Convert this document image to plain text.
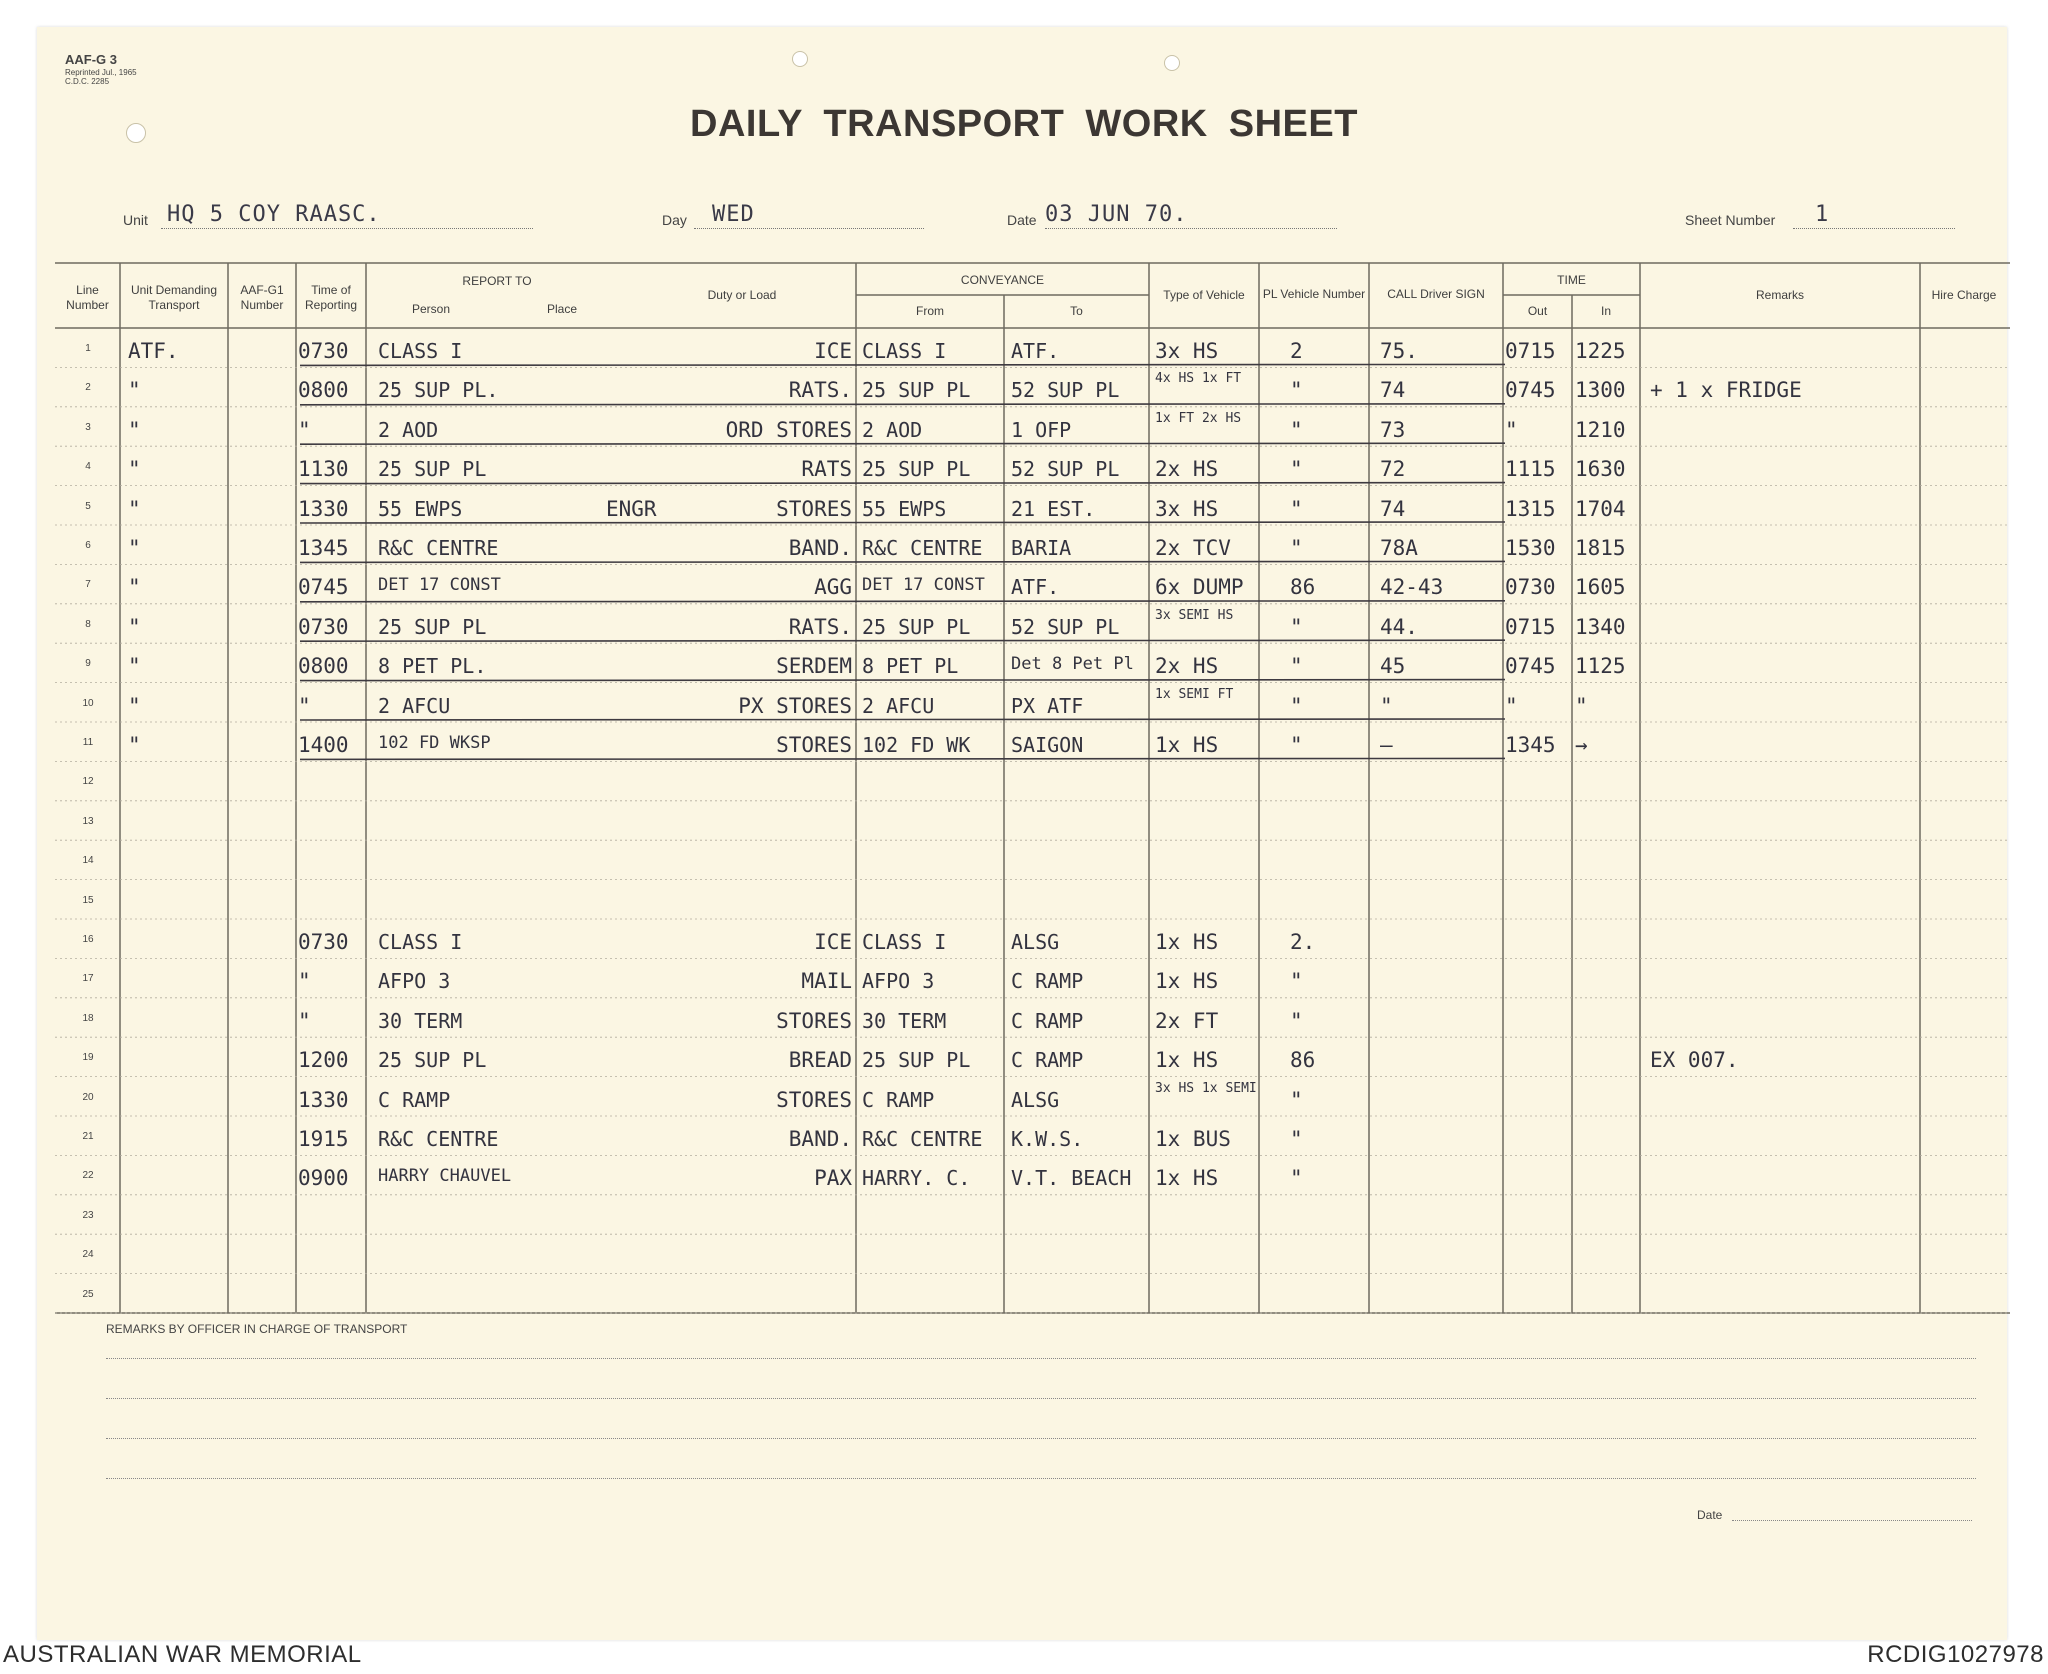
AAF-G 3
Reprinted Jul., 1965
C.D.C. 2285
DAILY TRANSPORT WORK SHEET
Unit HQ 5 COY RAASC.	Day WED	Date 03 JUN 70.	Sheet Number 1
Line Number
Unit Demanding Transport
AAF-G1 Number
Time of Reporting
REPORT TO
Person	Place
Duty or Load
CONVEYANCE
From	To
Type of Vehicle	PL Vehicle Number	CALL Driver SIGN
TIME
Out	In
Remarks	Hire Charge
1	ATF.	0730	CLASS I	ICE CLASS I	ATF.	3x HS	2	75.	0715 1225
2	"	0800	25 SUP PL.	RATS. 25 SUP PL	52 SUP PL	4x HS 1x FT	"	74	0745 1300	+ 1 x FRIDGE
3	"	"	2 AOD	ORD STORES 2 AOD	1 OFP	1x FT 2x HS	"	73	"	1210
4	"	1130	25 SUP PL	RATS 25 SUP PL	52 SUP PL	2x HS	"	72	1115 1630
5	"	1330	55 EWPS	ENGR	STORES 55 EWPS	21 EST.	3x HS	"	74	1315 1704
6	"	1345	R&C CENTRE	BAND. R&C CENTRE	BARIA	2x TCV	"	78A	1530 1815
7	"	0745	DET 17 CONST	AGG DET 17 CONST	ATF.	6x DUMP	86	42-43	0730 1605
8	"	0730	25 SUP PL	RATS. 25 SUP PL	52 SUP PL	3x SEMI HS	"	44.	0715 1340
9	"	0800	8 PET PL.	SERDEM 8 PET PL	Det 8 Pet Pl	2x HS	"	45	0745 1125
10	"	"	2 AFCU	PX STORES 2 AFCU	PX ATF	1x SEMI FT	"	"	"	"
11	"	1400	102 FD WKSP	STORES 102 FD WK	SAIGON	1x HS	"	—	1345 →
12
13
14
15
16	0730	CLASS I	ICE CLASS I	ALSG	1x HS	2.
17	"	AFPO 3	MAIL AFPO 3	C RAMP	1x HS	"
18	"	30 TERM	STORES 30 TERM	C RAMP	2x FT	"
19	1200	25 SUP PL	BREAD 25 SUP PL	C RAMP	1x HS	86	EX 007.
20	1330	C RAMP	STORES C RAMP	ALSG	3x HS 1x SEMI "
21	1915	R&C CENTRE	BAND. R&C CENTRE	K.W.S.	1x BUS	"
22	0900	HARRY CHAUVEL	PAX HARRY. C.	V.T. BEACH	1x HS	"
23
24
25
REMARKS BY OFFICER IN CHARGE OF TRANSPORT
Date
AUSTRALIAN WAR MEMORIAL	RCDIG1027978
